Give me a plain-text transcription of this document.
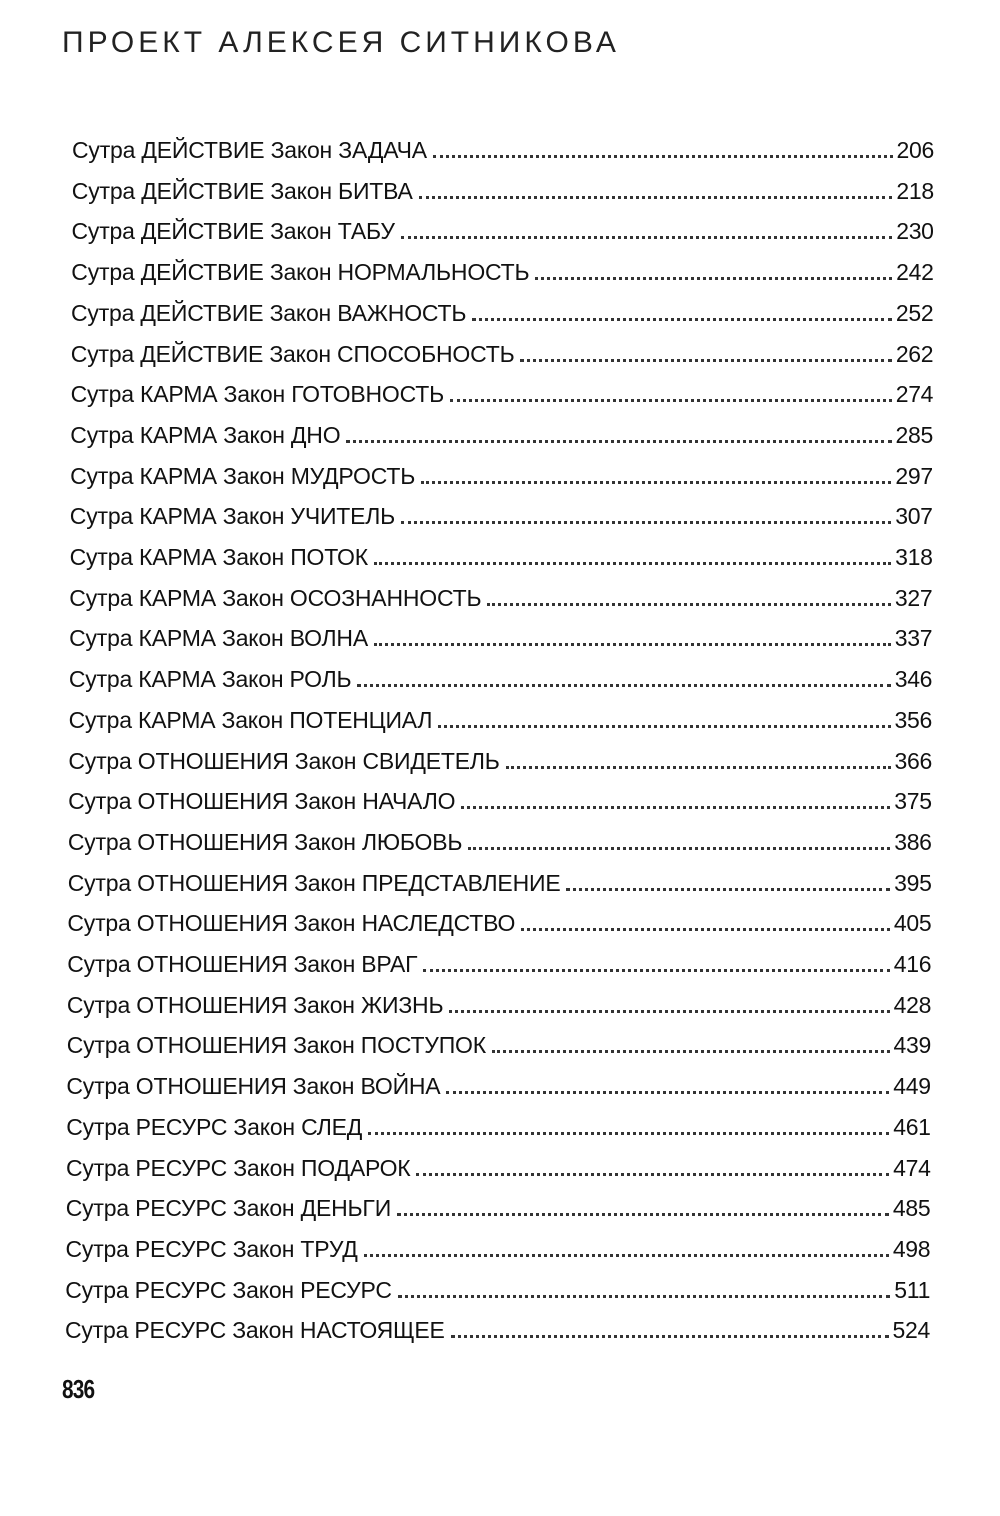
ПРОЕКТ АЛЕКСЕЯ СИТНИКОВА
Сутра ДЕЙСТВИЕ Закон ЗАДАЧА	206
Сутра ДЕЙСТВИЕ Закон БИТВА	218
Сутра ДЕЙСТВИЕ Закон ТАБУ	230
Сутра ДЕЙСТВИЕ Закон НОРМАЛЬНОСТЬ	242
Сутра ДЕЙСТВИЕ Закон ВАЖНОСТЬ	252
Сутра ДЕЙСТВИЕ Закон СПОСОБНОСТЬ	262
Сутра КАРМА Закон ГОТОВНОСТЬ	274
Сутра КАРМА Закон ДНО	285
Сутра КАРМА Закон МУДРОСТЬ	297
Сутра КАРМА Закон УЧИТЕЛЬ	307
Сутра КАРМА Закон ПОТОК	318
Сутра КАРМА Закон ОСОЗНАННОСТЬ	327
Сутра КАРМА Закон ВОЛНА	337
Сутра КАРМА Закон РОЛЬ	346
Сутра КАРМА Закон ПОТЕНЦИАЛ	356
Сутра ОТНОШЕНИЯ Закон СВИДЕТЕЛЬ	366
Сутра ОТНОШЕНИЯ Закон НАЧАЛО	375
Сутра ОТНОШЕНИЯ Закон ЛЮБОВЬ	386
Сутра ОТНОШЕНИЯ Закон ПРЕДСТАВЛЕНИЕ	395
Сутра ОТНОШЕНИЯ Закон НАСЛЕДСТВО	405
Сутра ОТНОШЕНИЯ Закон ВРАГ	416
Сутра ОТНОШЕНИЯ Закон ЖИЗНЬ	428
Сутра ОТНОШЕНИЯ Закон ПОСТУПОК	439
Сутра ОТНОШЕНИЯ Закон ВОЙНА	449
Сутра РЕСУРС Закон СЛЕД	461
Сутра РЕСУРС Закон ПОДАРОК	474
Сутра РЕСУРС Закон ДЕНЬГИ	485
Сутра РЕСУРС Закон ТРУД	498
Сутра РЕСУРС Закон РЕСУРС	511
Сутра РЕСУРС Закон НАСТОЯЩЕЕ	524
836
